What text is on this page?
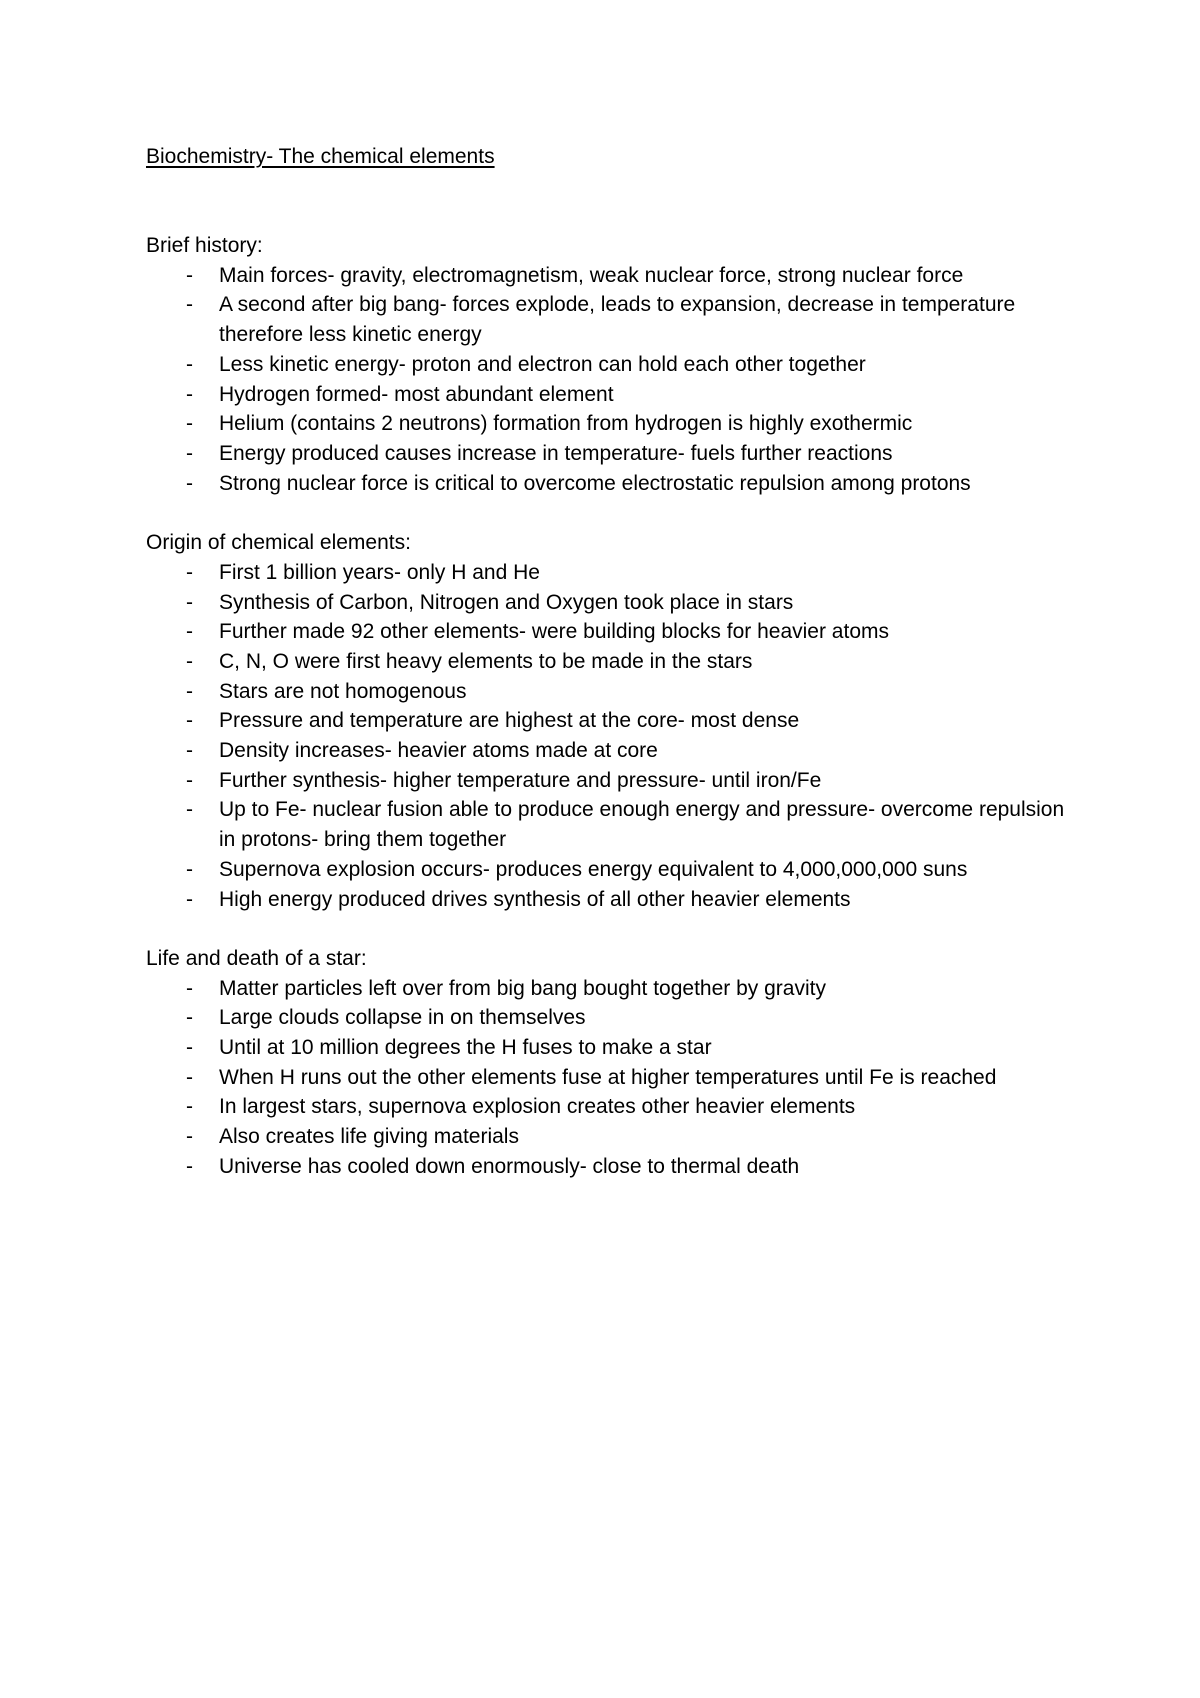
Biochemistry- The chemical elements
Brief history:
- Main forces- gravity, electromagnetism, weak nuclear force, strong nuclear force
- A second after big bang- forces explode, leads to expansion, decrease in temperature therefore less kinetic energy
- Less kinetic energy- proton and electron can hold each other together
- Hydrogen formed- most abundant element
- Helium (contains 2 neutrons) formation from hydrogen is highly exothermic
- Energy produced causes increase in temperature- fuels further reactions
- Strong nuclear force is critical to overcome electrostatic repulsion among protons
Origin of chemical elements:
- First 1 billion years- only H and He
- Synthesis of Carbon, Nitrogen and Oxygen took place in stars
- Further made 92 other elements- were building blocks for heavier atoms
- C, N, O were first heavy elements to be made in the stars
- Stars are not homogenous
- Pressure and temperature are highest at the core- most dense
- Density increases- heavier atoms made at core
- Further synthesis- higher temperature and pressure- until iron/Fe
- Up to Fe- nuclear fusion able to produce enough energy and pressure- overcome repulsion in protons- bring them together
- Supernova explosion occurs- produces energy equivalent to 4,000,000,000 suns
- High energy produced drives synthesis of all other heavier elements
Life and death of a star:
- Matter particles left over from big bang bought together by gravity
- Large clouds collapse in on themselves
- Until at 10 million degrees the H fuses to make a star
- When H runs out the other elements fuse at higher temperatures until Fe is reached
- In largest stars, supernova explosion creates other heavier elements
- Also creates life giving materials
- Universe has cooled down enormously- close to thermal death
